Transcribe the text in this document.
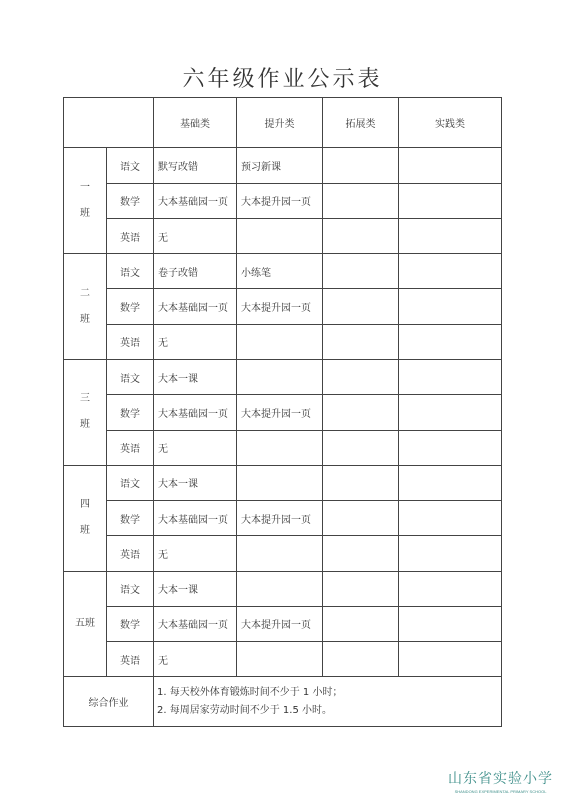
六年级作业公示表
		基础类	提升类	拓展类	实践类

一
班	语文	默写改错	预习新课		
	数学	大本基础园一页	大本提升园一页		
	英语	无			

二
班	语文	卷子改错	小练笔		
	数学	大本基础园一页	大本提升园一页		
	英语	无			

三
班	语文	大本一课			
	数学	大本基础园一页	大本提升园一页		
	英语	无			

四
班	语文	大本一课			
	数学	大本基础园一页	大本提升园一页		
	英语	无			

五班	语文	大本一课			
	数学	大本基础园一页	大本提升园一页		
	英语	无			
综合作业		1. 每天校外体育锻炼时间不少于 1 小时；
2. 每周居家劳动时间不少于 1.5 小时。			
山东省实验小学
SHANDONG EXPERIMENTAL PRIMARY SCHOOL
